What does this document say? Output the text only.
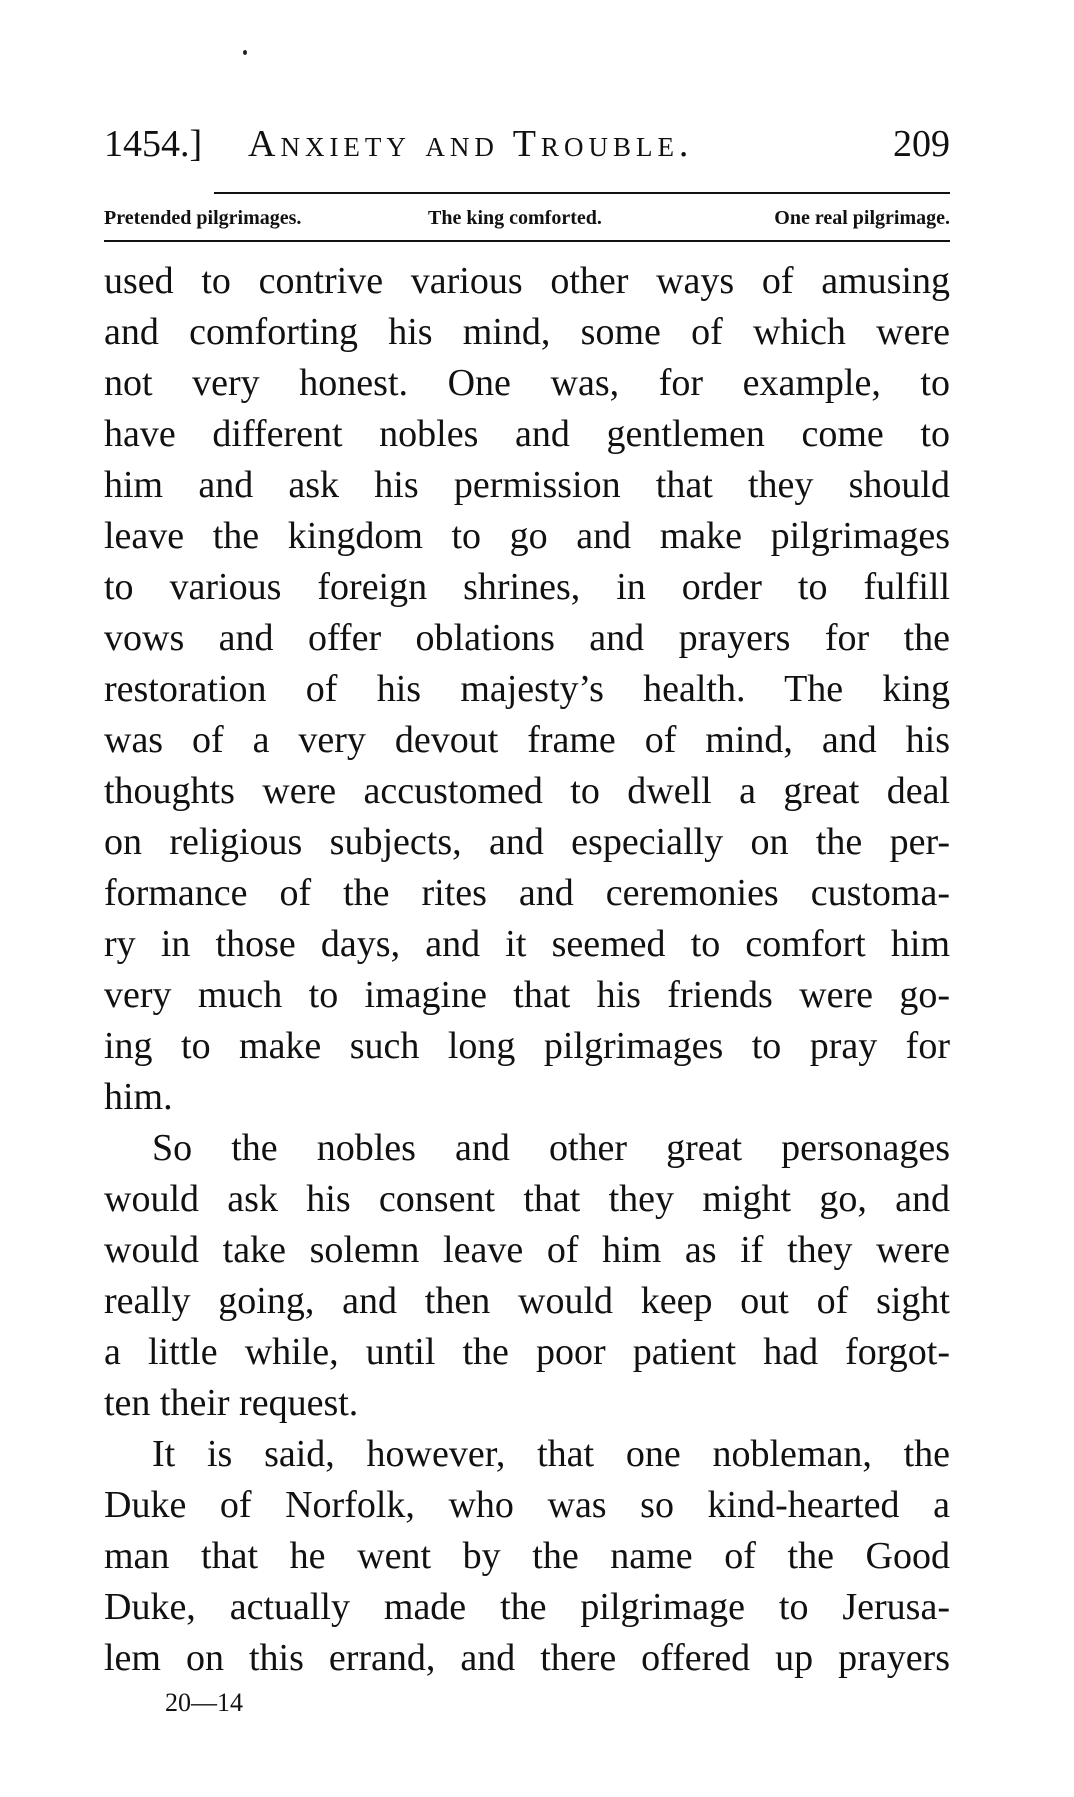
1454.] Anxiety and Trouble.	209
Pretended pilgrimages.	The king comforted.	One real pilgrimage.
used to contrive various other ways of amusing
and comforting his mind, some of which were
not very honest. One was, for example, to
have different nobles and gentlemen come to
him and ask his permission that they should
leave the kingdom to go and make pilgrimages
to various foreign shrines, in order to fulfill
vows and offer oblations and prayers for the
restoration of his majesty’s health. The king
was of a very devout frame of mind, and his
thoughts were accustomed to dwell a great deal
on religious subjects, and especially on the per-
formance of the rites and ceremonies customa-
ry in those days, and it seemed to comfort him
very much to imagine that his friends were go-
ing to make such long pilgrimages to pray for
him.
So the nobles and other great personages
would ask his consent that they might go, and
would take solemn leave of him as if they were
really going, and then would keep out of sight
a little while, until the poor patient had forgot-
ten their request.
It is said, however, that one nobleman, the
Duke of Norfolk, who was so kind-hearted a
man that he went by the name of the Good
Duke, actually made the pilgrimage to Jerusa-
lem on this errand, and there offered up prayers
20—14
